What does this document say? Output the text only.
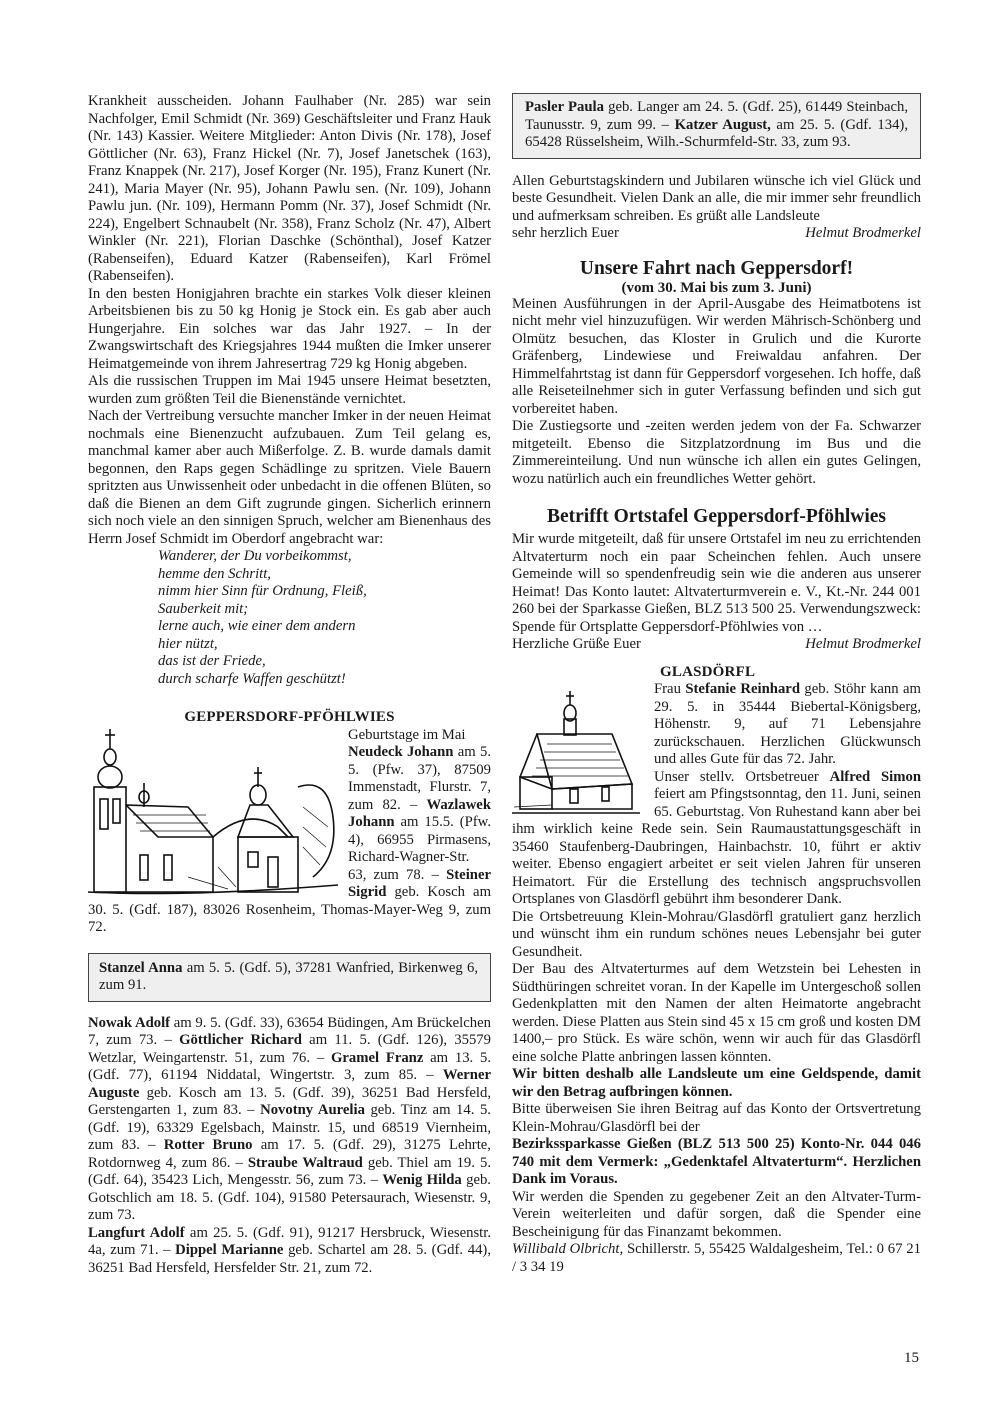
Krankheit ausscheiden. Johann Faulhaber (Nr. 285) war sein Nachfolger, Emil Schmidt (Nr. 369) Geschäftsleiter und Franz Hauk (Nr. 143) Kassier. Weitere Mitglieder: Anton Divis (Nr. 178), Josef Göttlicher (Nr. 63), Franz Hickel (Nr. 7), Josef Janetschek (163), Franz Knappek (Nr. 217), Josef Korger (Nr. 195), Franz Kunert (Nr. 241), Maria Mayer (Nr. 95), Johann Pawlu sen. (Nr. 109), Johann Pawlu jun. (Nr. 109), Hermann Pomm (Nr. 37), Josef Schmidt (Nr. 224), Engelbert Schnaubelt (Nr. 358), Franz Scholz (Nr. 47), Albert Winkler (Nr. 221), Florian Daschke (Schönthal), Josef Katzer (Rabenseifen), Eduard Katzer (Rabenseifen), Karl Frömel (Rabenseifen).

In den besten Honigjahren brachte ein starkes Volk dieser kleinen Arbeitsbienen bis zu 50 kg Honig je Stock ein. Es gab aber auch Hungerjahre. Ein solches war das Jahr 1927. – In der Zwangswirtschaft des Kriegsjahres 1944 mußten die Imker unserer Heimatgemeinde von ihrem Jahresertrag 729 kg Honig abgeben.

Als die russischen Truppen im Mai 1945 unsere Heimat besetzten, wurden zum größten Teil die Bienenstände vernichtet.

Nach der Vertreibung versuchte mancher Imker in der neuen Heimat nochmals eine Bienenzucht aufzubauen. Zum Teil gelang es, manchmal kamer aber auch Mißerfolge. Z. B. wurde damals damit begonnen, den Raps gegen Schädlinge zu spritzen. Viele Bauern spritzten aus Unwissenheit oder unbedacht in die offenen Blüten, so daß die Bienen an dem Gift zugrunde gingen. Sicherlich erinnern sich noch viele an den sinnigen Spruch, welcher am Bienenhaus des Herrn Josef Schmidt im Oberdorf angebracht war:

Wanderer, der Du vorbeikommst,
hemme den Schritt,
nimm hier Sinn für Ordnung, Fleiß,
Sauberkeit mit;
lerne auch, wie einer dem andern
hier nützt,
das ist der Friede,
durch scharfe Waffen geschützt!
GEPPERSDORF-PFÖHLWIES

Geburtstage im Mai

Neudeck Johann am 5. 5. (Pfw. 37), 87509 Immenstadt, Flurstr. 7, zum 82. – Wazlawek Johann am 15.5. (Pfw. 4), 66955 Pirmasens, Richard-Wagner-Str. 63, zum 78. – Steiner Sigrid geb. Kosch am 30. 5. (Gdf. 187), 83026 Rosenheim, Thomas-Mayer-Weg 9, zum 72.

Stanzel Anna am 5. 5. (Gdf. 5), 37281 Wanfried, Birkenweg 6, zum 91.

Nowak Adolf am 9. 5. (Gdf. 33), 63654 Büdingen, Am Brückelchen 7, zum 73. – Göttlicher Richard am 11. 5. (Gdf. 126), 35579 Wetzlar, Weingartenstr. 51, zum 76. – Gramel Franz am 13. 5. (Gdf. 77), 61194 Niddatal, Wingertstr. 3, zum 85. – Werner Auguste geb. Kosch am 13. 5. (Gdf. 39), 36251 Bad Hersfeld, Gerstengarten 1, zum 83. – Novotny Aurelia geb. Tinz am 14. 5. (Gdf. 19), 63329 Egelsbach, Mainstr. 15, und 68519 Viernheim, zum 83. – Rotter Bruno am 17. 5. (Gdf. 29), 31275 Lehrte, Rotdornweg 4, zum 86. – Straube Waltraud geb. Thiel am 19. 5. (Gdf. 64), 35423 Lich, Mengesstr. 56, zum 73. – Wenig Hilda geb. Gotschlich am 18. 5. (Gdf. 104), 91580 Petersaurach, Wiesenstr. 9, zum 73.

Langfurt Adolf am 25. 5. (Gdf. 91), 91217 Hersbruck, Wiesenstr. 4a, zum 71. – Dippel Marianne geb. Schartel am 28. 5. (Gdf. 44), 36251 Bad Hersfeld, Hersfelder Str. 21, zum 72.

Pasler Paula geb. Langer am 24. 5. (Gdf. 25), 61449 Steinbach, Taunusstr. 9, zum 99. – Katzer August, am 25. 5. (Gdf. 134), 65428 Rüsselsheim, Wilh.-Schurmfeld-Str. 33, zum 93.

Allen Geburtstagskindern und Jubilaren wünsche ich viel Glück und beste Gesundheit. Vielen Dank an alle, die mir immer sehr freundlich und aufmerksam schreiben. Es grüßt alle Landsleute

sehr herzlich Euer	Helmut Brodmerkel
Unsere Fahrt nach Geppersdorf!
(vom 30. Mai bis zum 3. Juni)

Meinen Ausführungen in der April-Ausgabe des Heimatbotens ist nicht mehr viel hinzuzufügen. Wir werden Mährisch-Schönberg und Olmütz besuchen, das Kloster in Grulich und die Kurorte Gräfenberg, Lindewiese und Freiwaldau anfahren. Der Himmelfahrtstag ist dann für Geppersdorf vorgesehen. Ich hoffe, daß alle Reiseteilnehmer sich in guter Verfassung befinden und sich gut vorbereitet haben.

Die Zustiegsorte und -zeiten werden jedem von der Fa. Schwarzer mitgeteilt. Ebenso die Sitzplatzordnung im Bus und die Zimmereinteilung. Und nun wünsche ich allen ein gutes Gelingen, wozu natürlich auch ein freundliches Wetter gehört.

Betrifft Ortstafel Geppersdorf-Pföhlwies

Mir wurde mitgeteilt, daß für unsere Ortstafel im neu zu errichtenden Altvaterturm noch ein paar Scheinchen fehlen. Auch unsere Gemeinde will so spendenfreudig sein wie die anderen aus unserer Heimat! Das Konto lautet: Altvaterturmverein e. V., Kt.-Nr. 244 001 260 bei der Sparkasse Gießen, BLZ 513 500 25. Verwendungszweck: Spende für Ortsplatte Geppersdorf-Pföhlwies von …

Herzliche Grüße Euer	Helmut Brodmerkel
GLASDÖRFL

Frau Stefanie Reinhard geb. Stöhr kann am 29. 5. in 35444 Biebertal-Königsberg, Höhenstr. 9, auf 71 Lebensjahre zurückschauen. Herzlichen Glückwunsch und alles Gute für das 72. Jahr.

Unser stellv. Ortsbetreuer Alfred Simon feiert am Pfingstsonntag, den 11. Juni, seinen 65. Geburtstag. Von Ruhestand kann aber bei ihm wirklich keine Rede sein. Sein Raumaustattungsgeschäft in 35460 Staufenberg-Daubringen, Hainbachstr. 10, führt er aktiv weiter. Ebenso engagiert arbeitet er seit vielen Jahren für unseren Heimatort. Für die Erstellung des technisch angspruchsvollen Ortsplanes von Glasdörfl gebührt ihm besonderer Dank.

Die Ortsbetreuung Klein-Mohrau/Glasdörfl gratuliert ganz herzlich und wünscht ihm ein rundum schönes neues Lebensjahr bei guter Gesundheit.

Der Bau des Altvaterturmes auf dem Wetzstein bei Lehesten in Südthüringen schreitet voran. In der Kapelle im Untergeschoß sollen Gedenkplatten mit den Namen der alten Heimatorte angebracht werden. Diese Platten aus Stein sind 45 x 15 cm groß und kosten DM 1400,– pro Stück. Es wäre schön, wenn wir auch für das Glasdörfl eine solche Platte anbringen lassen könnten.

Wir bitten deshalb alle Landsleute um eine Geldspende, damit wir den Betrag aufbringen können.

Bitte überweisen Sie ihren Beitrag auf das Konto der Ortsvertretung Klein-Mohrau/Glasdörfl bei der

Bezirkssparkasse Gießen (BLZ 513 500 25) Konto-Nr. 044 046 740 mit dem Vermerk: „Gedenktafel Altvaterturm“. Herzlichen Dank im Voraus.

Wir werden die Spenden zu gegebener Zeit an den Altvater-Turm-Verein weiterleiten und dafür sorgen, daß die Spender eine Bescheinigung für das Finanzamt bekommen.

Willibald Olbricht, Schillerstr. 5, 55425 Waldalgesheim, Tel.: 0 67 21 / 3 34 19

15
